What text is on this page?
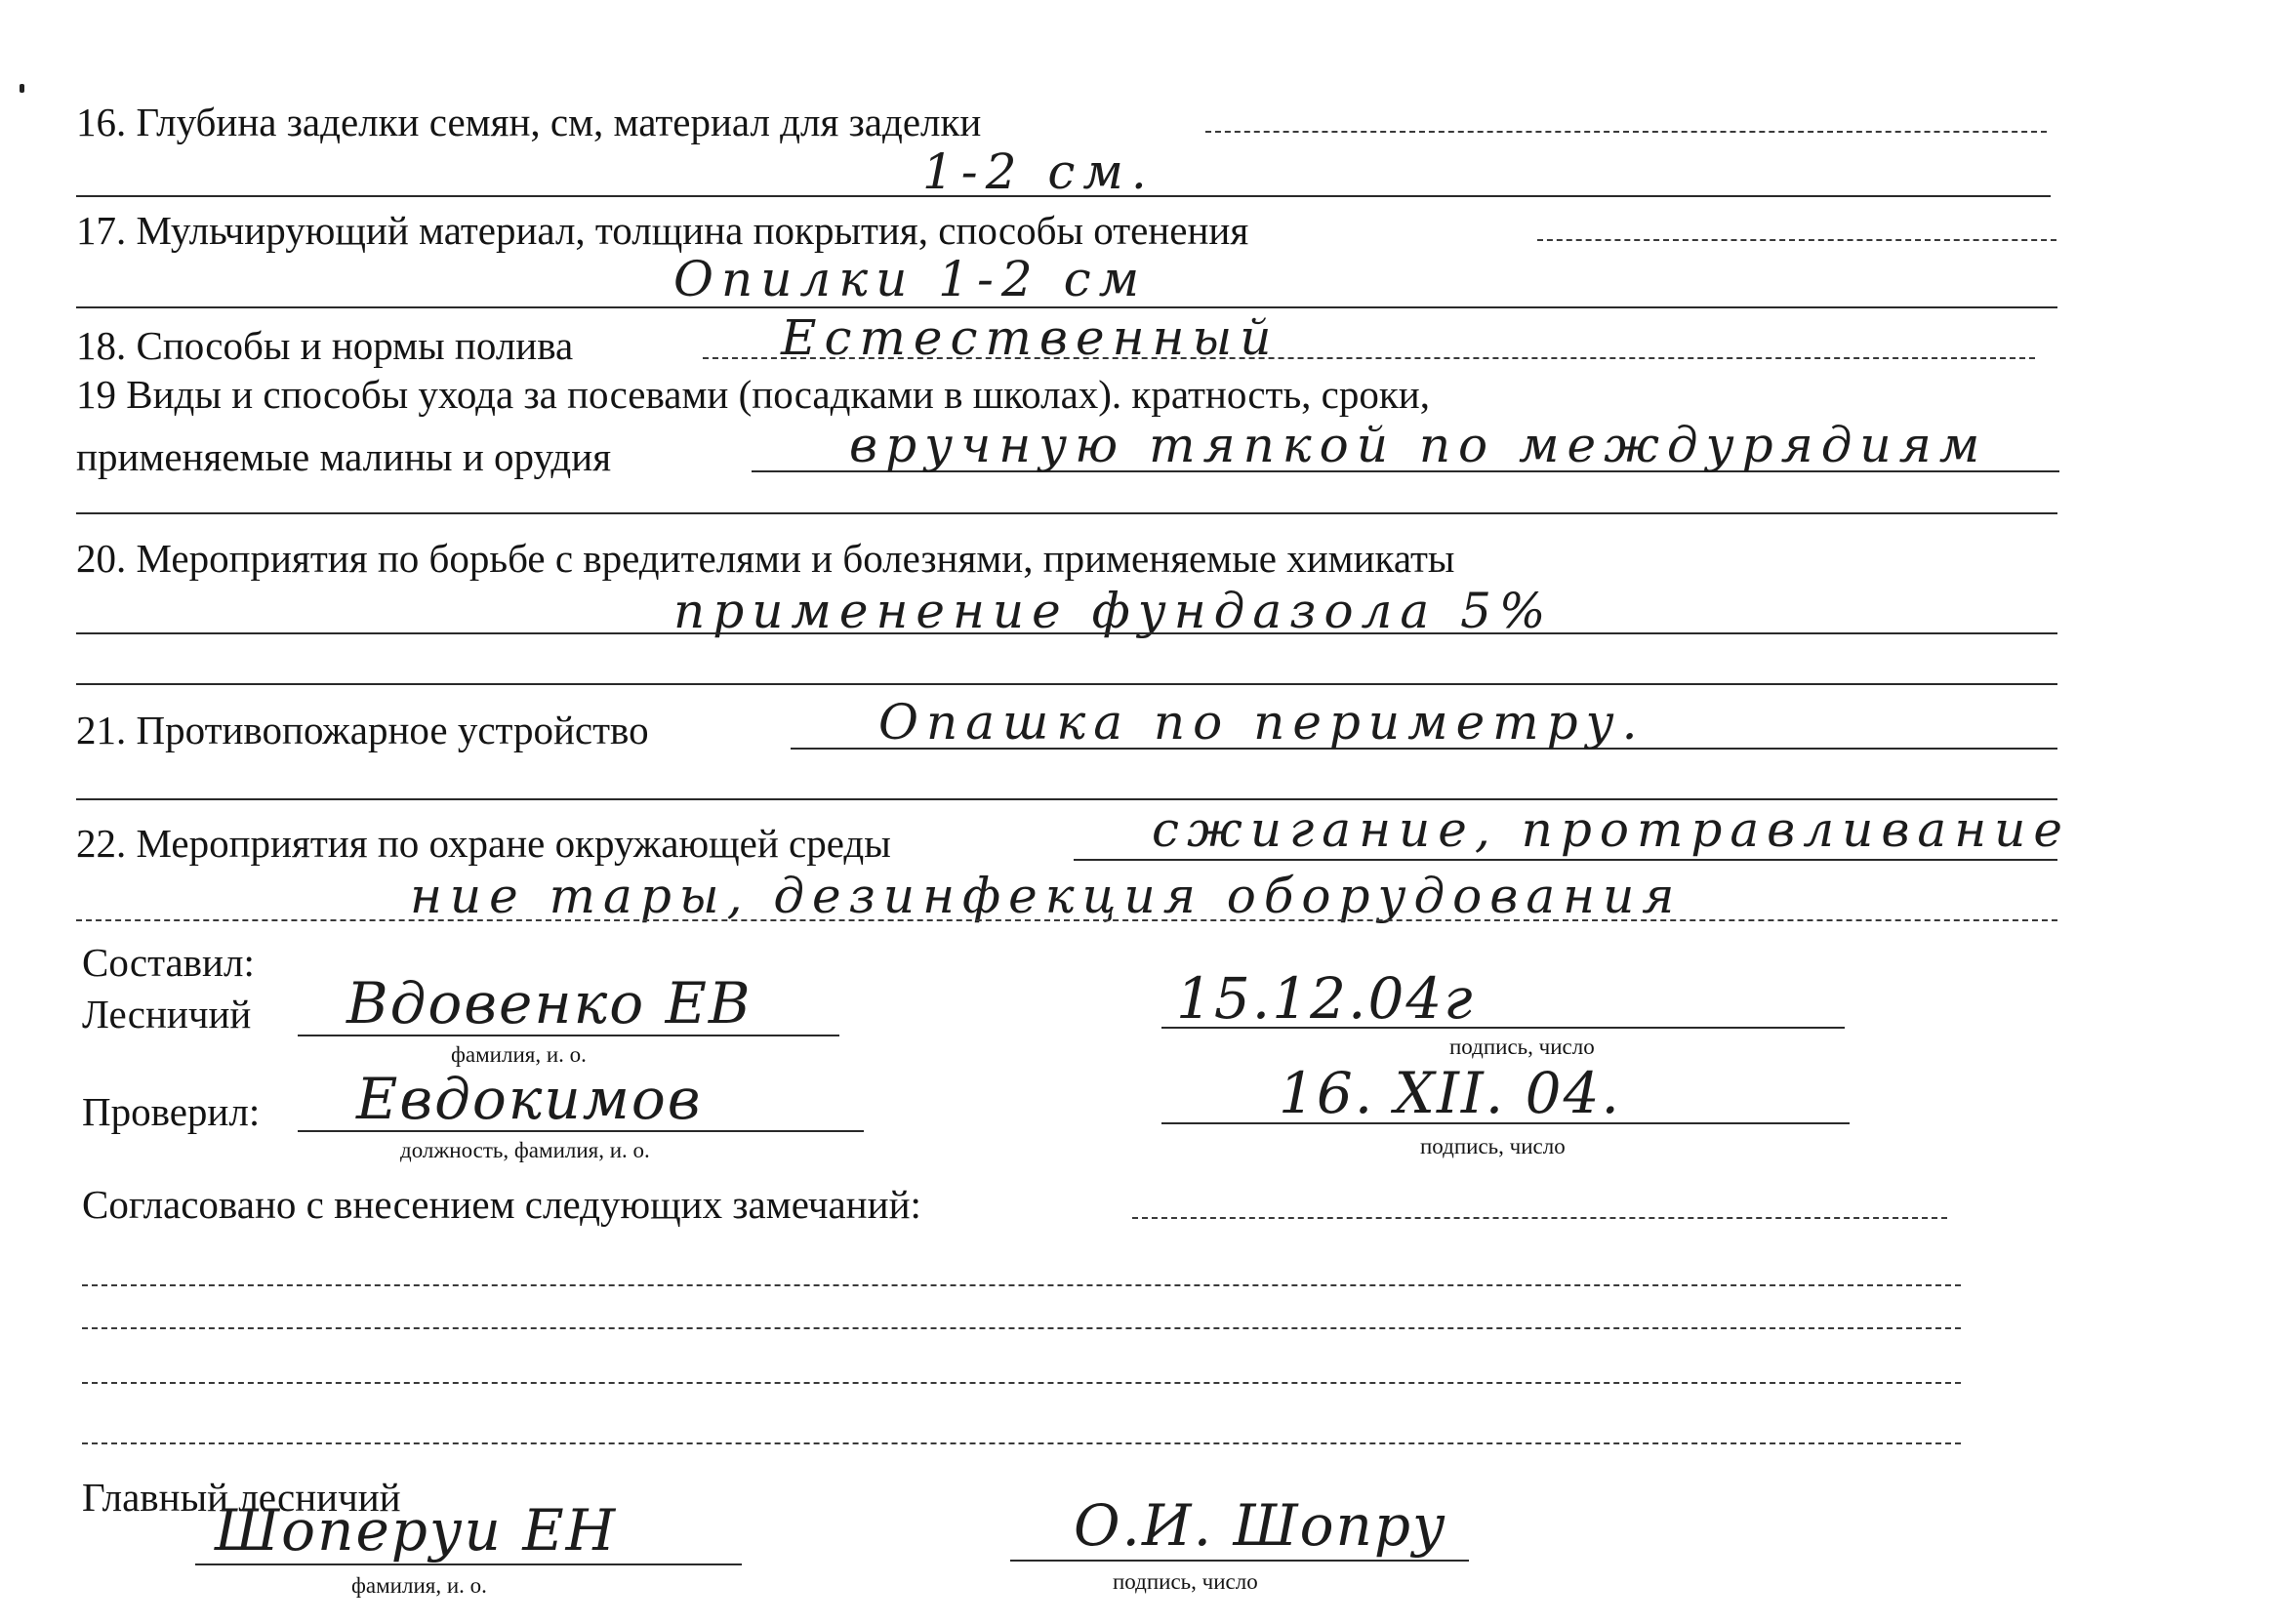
16. Глубина заделки семян, см, материал для заделки
1-2 см.
17. Мульчирующий материал, толщина покрытия, способы отенения
Опилки 1-2 см
18. Способы и нормы полива	Естественный
19 Виды и способы ухода за посевами (посадками в школах). кратность, сроки,
применяемые малины и орудия	вручную тяпкой по междурядиям
20. Мероприятия по борьбе с вредителями и болезнями, применяемые химикаты
применение фундазола 5%
21. Противопожарное устройство	Опашка по периметру.
22. Мероприятия по охране окружающей среды	сжигание, протравливание
ние тары, дезинфекция оборудования
Составил:
Лесничий Вдовенко ЕВ
фамилия, и. о.
15.12.04г
подпись, число
Проверил: Евдокимов
должность, фамилия, и. о.
16. XII. 04.
подпись, число
Согласовано с внесением следующих замечаний:
Главный лесничий
Шоперуи ЕН
фамилия, и. о.
О.И. Шопру
подпись, число
